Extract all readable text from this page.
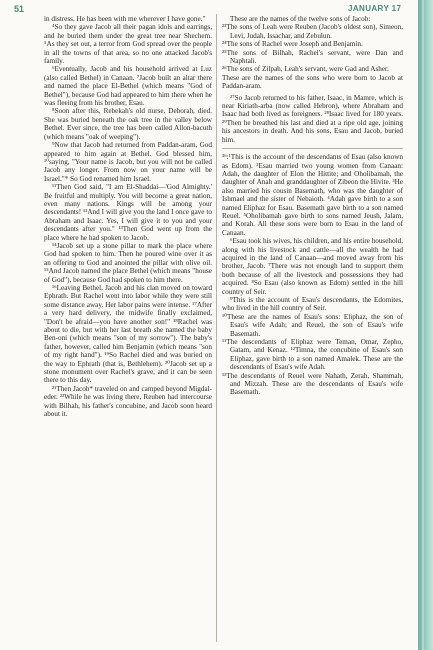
51	JANUARY 17

in distress. He has been with me wherever I have gone."

⁴So they gave Jacob all their pagan idols and earrings, and he buried them under the great tree near Shechem. ⁵As they set out, a terror from God spread over the people in all the towns of that area, so no one attacked Jacob's family.

⁶Eventually, Jacob and his household arrived at Luz (also called Bethel) in Canaan. ⁷Jacob built an altar there and named the place El-Bethel (which means "God of Bethel"), because God had appeared to him there when he was fleeing from his brother, Esau.

⁸Soon after this, Rebekah's old nurse, Deborah, died. She was buried beneath the oak tree in the valley below Bethel. Ever since, the tree has been called Allon-bacuth (which means "oak of weeping").

⁹Now that Jacob had returned from Paddan-aram, God appeared to him again at Bethel. God blessed him, ¹⁰saying, "Your name is Jacob, but you will not be called Jacob any longer. From now on your name will be Israel."* So God renamed him Israel.

¹¹Then God said, "I am El-Shaddai—'God Almighty.' Be fruitful and multiply. You will become a great nation, even many nations. Kings will be among your descendants! ¹²And I will give you the land I once gave to Abraham and Isaac. Yes, I will give it to you and your descendants after you." ¹³Then God went up from the place where he had spoken to Jacob.

¹⁴Jacob set up a stone pillar to mark the place where God had spoken to him. Then he poured wine over it as an offering to God and anointed the pillar with olive oil. ¹⁵And Jacob named the place Bethel (which means "house of God"), because God had spoken to him there.

¹⁶Leaving Bethel, Jacob and his clan moved on toward Ephrath. But Rachel went into labor while they were still some distance away. Her labor pains were intense. ¹⁷After a very hard delivery, the midwife finally exclaimed, "Don't be afraid—you have another son!" ¹⁸Rachel was about to die, but with her last breath she named the baby Ben-oni (which means "son of my sorrow"). The baby's father, however, called him Benjamin (which means "son of my right hand"). ¹⁹So Rachel died and was buried on the way to Ephrath (that is, Bethlehem). ²⁰Jacob set up a stone monument over Rachel's grave, and it can be seen there to this day.

²¹Then Jacob* traveled on and camped beyond Migdal-eder. ²²While he was living there, Reuben had intercourse with Bilhah, his father's concubine, and Jacob soon heard about it.

These are the names of the twelve sons of Jacob:

²³The sons of Leah were Reuben (Jacob's oldest son), Simeon, Levi, Judah, Issachar, and Zebulun.

²⁴The sons of Rachel were Joseph and Benjamin.

²⁵The sons of Bilhah, Rachel's servant, were Dan and Naphtali.

²⁶The sons of Zilpah, Leah's servant, were Gad and Asher.

These are the names of the sons who were born to Jacob at Paddan-aram.

²⁷So Jacob returned to his father, Isaac, in Mamre, which is near Kiriath-arba (now called Hebron), where Abraham and Isaac had both lived as foreigners. ²⁸Isaac lived for 180 years. ²⁹Then he breathed his last and died at a ripe old age, joining his ancestors in death. And his sons, Esau and Jacob, buried him.

³⁶:¹This is the account of the descendants of Esau (also known as Edom). ²Esau married two young women from Canaan: Adah, the daughter of Elon the Hittite; and Oholibamah, the daughter of Anah and granddaughter of Zibeon the Hivite. ³He also married his cousin Basemath, who was the daughter of Ishmael and the sister of Nebaioth. ⁴Adah gave birth to a son named Eliphaz for Esau. Basemath gave birth to a son named Reuel. ⁵Oholibamah gave birth to sons named Jeush, Jalam, and Korah. All these sons were born to Esau in the land of Canaan.

⁶Esau took his wives, his children, and his entire household, along with his livestock and cattle—all the wealth he had acquired in the land of Canaan—and moved away from his brother, Jacob. ⁷There was not enough land to support them both because of all the livestock and possessions they had acquired. ⁸So Esau (also known as Edom) settled in the hill country of Seir.

⁹This is the account of Esau's descendants, the Edomites, who lived in the hill country of Seir.

¹⁰These are the names of Esau's sons: Eliphaz, the son of Esau's wife Adah; and Reuel, the son of Esau's wife Basemath.

¹¹The descendants of Eliphaz were Teman, Omar, Zepho, Gatam, and Kenaz. ¹²Timna, the concubine of Esau's son Eliphaz, gave birth to a son named Amalek. These are the descendants of Esau's wife Adah.

¹³The descendants of Reuel were Nahath, Zerah, Shammah, and Mizzah. These are the descendants of Esau's wife Basemath.
